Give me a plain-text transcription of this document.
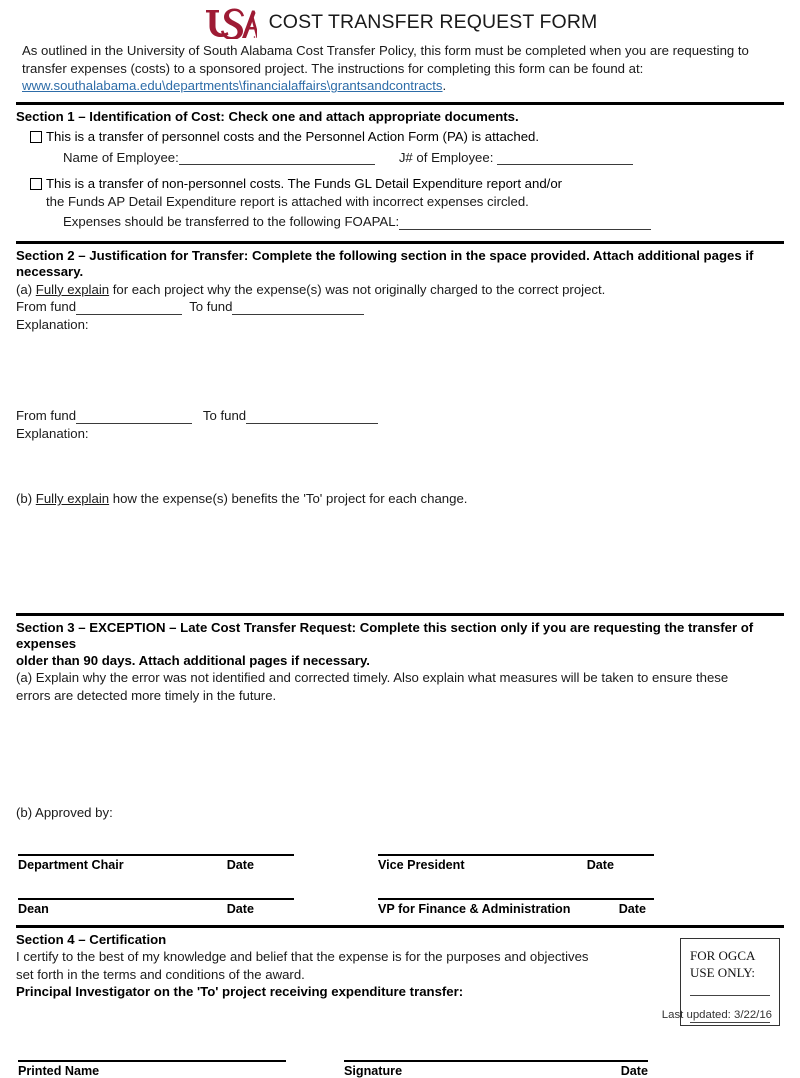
COST TRANSFER REQUEST FORM
As outlined in the University of South Alabama Cost Transfer Policy, this form must be completed when you are requesting to transfer expenses (costs) to a sponsored project. The instructions for completing this form can be found at: www.southalabama.edu\departments\financialaffairs\grantsandcontracts.
Section 1 – Identification of Cost: Check one and attach appropriate documents.
This is a transfer of personnel costs and the Personnel Action Form (PA) is attached.
Name of Employee:	J# of Employee:
This is a transfer of non-personnel costs. The Funds GL Detail Expenditure report and/or
the Funds AP Detail Expenditure report is attached with incorrect expenses circled.
Expenses should be transferred to the following FOAPAL:
Section 2 – Justification for Transfer: Complete the following section in the space provided. Attach additional pages if necessary.
(a) Fully explain for each project why the expense(s) was not originally charged to the correct project.
From fund	To fund
Explanation:
From fund	To fund
Explanation:
(b) Fully explain how the expense(s) benefits the 'To' project for each change.
Section 3 – EXCEPTION – Late Cost Transfer Request: Complete this section only if you are requesting the transfer of expenses
older than 90 days. Attach additional pages if necessary.
(a) Explain why the error was not identified and corrected timely. Also explain what measures will be taken to ensure these
errors are detected more timely in the future.
(b) Approved by:
Department Chair	Date	Vice President	Date
Dean	Date	VP for Finance & Administration	Date
Section 4 – Certification
I certify to the best of my knowledge and belief that the expense is for the purposes and objectives
set forth in the terms and conditions of the award.
Principal Investigator on the 'To' project receiving expenditure transfer:
FOR OGCA
USE ONLY:
Printed Name	Signature	Date
Last updated: 3/22/16
